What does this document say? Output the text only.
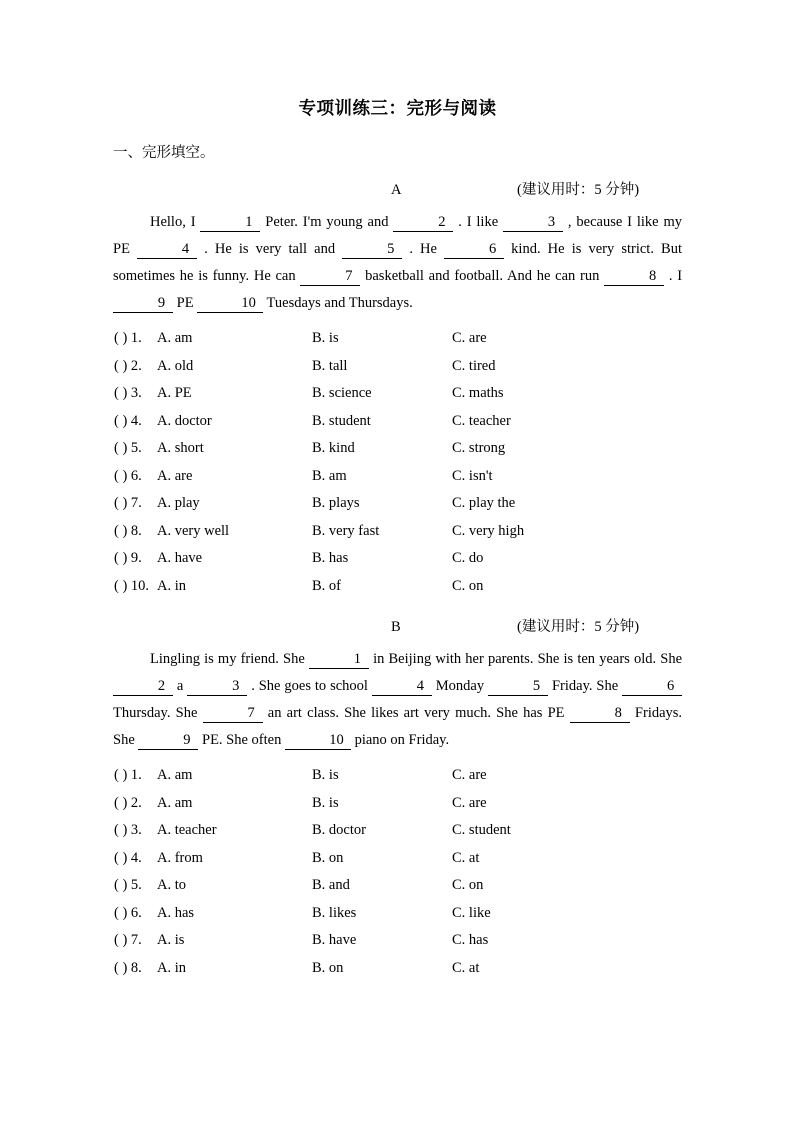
专项训练三：完形与阅读
一、完形填空。
A	(建议用时：5 分钟)

Hello, I	1 Peter. I'm young and	2 . I like	3 , because I like my PE	4 . He is very tall and	5 . He	6 kind. He is very strict. But sometimes he is funny. He can	7 basketball and football. And he can run	8 . I 9 PE	10 Tuesdays and Thursdays.

( ) 1. A. am	B. is	C. are
( ) 2. A. old	B. tall	C. tired
( ) 3. A. PE	B. science	C. maths
( ) 4. A. doctor	B. student	C. teacher
( ) 5. A. short	B. kind	C. strong
( ) 6. A. are	B. am	C. isn't
( ) 7. A. play	B. plays	C. play the
( ) 8. A. very well	B. very fast	C. very high
( ) 9. A. have	B. has	C. do
( ) 10. A. in	B. of	C. on
B	(建议用时：5 分钟)

Lingling is my friend. She	1 in Beijing with her parents. She is ten years old. She 2 a	3 . She goes to school	4 Monday	5 Friday. She	6 Thursday. She	7 an art class. She likes art very much. She has PE	8 Fridays. She	9 PE. She often	10 piano on Friday.

( ) 1. A. am	B. is	C. are
( ) 2. A. am	B. is	C. are
( ) 3. A. teacher	B. doctor	C. student
( ) 4. A. from	B. on	C. at
( ) 5. A. to	B. and	C. on
( ) 6. A. has	B. likes	C. like
( ) 7. A. is	B. have	C. has
( ) 8. A. in	B. on	C. at
